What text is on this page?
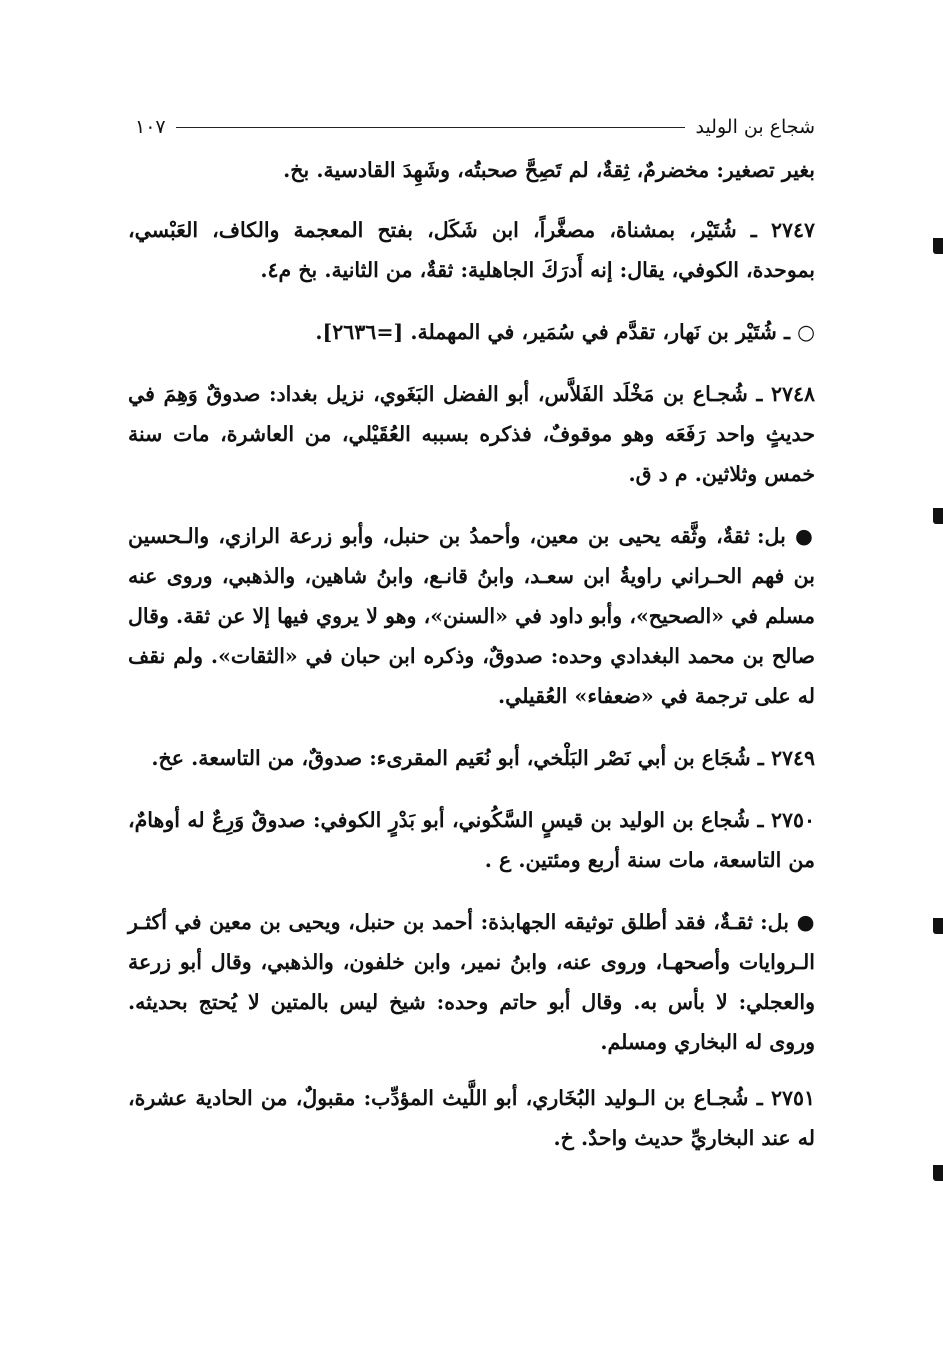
شجاع بن الوليد
١٠٧

بغير تصغير: مخضرمٌ، ثِقةٌ، لم تَصِحَّ صحبتُه، وشَهِدَ القادسية. بخ.

٢٧٤٧ ـ شُتَيْر، بمشناة، مصغَّراً، ابن شَكَل، بفتح المعجمة والكاف، العَبْسي، بموحدة، الكوفي، يقال: إنه أَدرَكَ الجاهلية: ثقةٌ، من الثانية. بخ م٤.

○ ـ شُتَيْر بن نَهار، تقدَّم في سُمَير، في المهملة. [=٢٦٣٦].

٢٧٤٨ ـ شُجـاع بن مَخْلَد الفَلاَّس، أبو الفضل البَغَوي، نزيل بغداد: صدوقٌ وَهِمَ في حديثٍ واحد رَفَعَه وهو موقوفٌ، فذكره بسببه العُقَيْلي، من العاشرة، مات سنة خمس وثلاثين. م د ق.

● بل: ثقةٌ، وثَّقه يحيى بن معين، وأحمدُ بن حنبل، وأبو زرعة الرازي، والـحسين بن فهم الحـراني راويةُ ابن سعـد، وابنُ قانـع، وابنُ شاهين، والذهبي، وروى عنه مسلم في «الصحيح»، وأبو داود في «السنن»، وهو لا يروي فيها إلا عن ثقة. وقال صالح بن محمد البغدادي وحده: صدوقٌ، وذكره ابن حبان في «الثقات». ولم نقف له على ترجمة في «ضعفاء» العُقيلي.

٢٧٤٩ ـ شُجَاع بن أبي نَصْر البَلْخي، أبو نُعَيم المقرىء: صدوقٌ، من التاسعة. عخ.

٢٧٥٠ ـ شُجاع بن الوليد بن قيسٍ السَّكُوني، أبو بَدْرٍ الكوفي: صدوقٌ وَرِعٌ له أوهامٌ، من التاسعة، مات سنة أربع ومئتين. ع .

● بل: ثقـةٌ، فقد أطلق توثيقه الجهابذة: أحمد بن حنبل، ويحيى بن معين في أكثـر الـروايات وأصحهـا، وروى عنه، وابنُ نمير، وابن خلفون، والذهبي، وقال أبو زرعة والعجلي: لا بأس به. وقال أبو حاتم وحده: شيخ ليس بالمتين لا يُحتج بحديثه. وروى له البخاري ومسلم.

٢٧٥١ ـ شُجـاع بن الـوليد البُخَاري، أبو اللَّيث المؤدِّب: مقبولٌ، من الحادية عشرة، له عند البخاريِّ حديث واحدٌ. خ.
